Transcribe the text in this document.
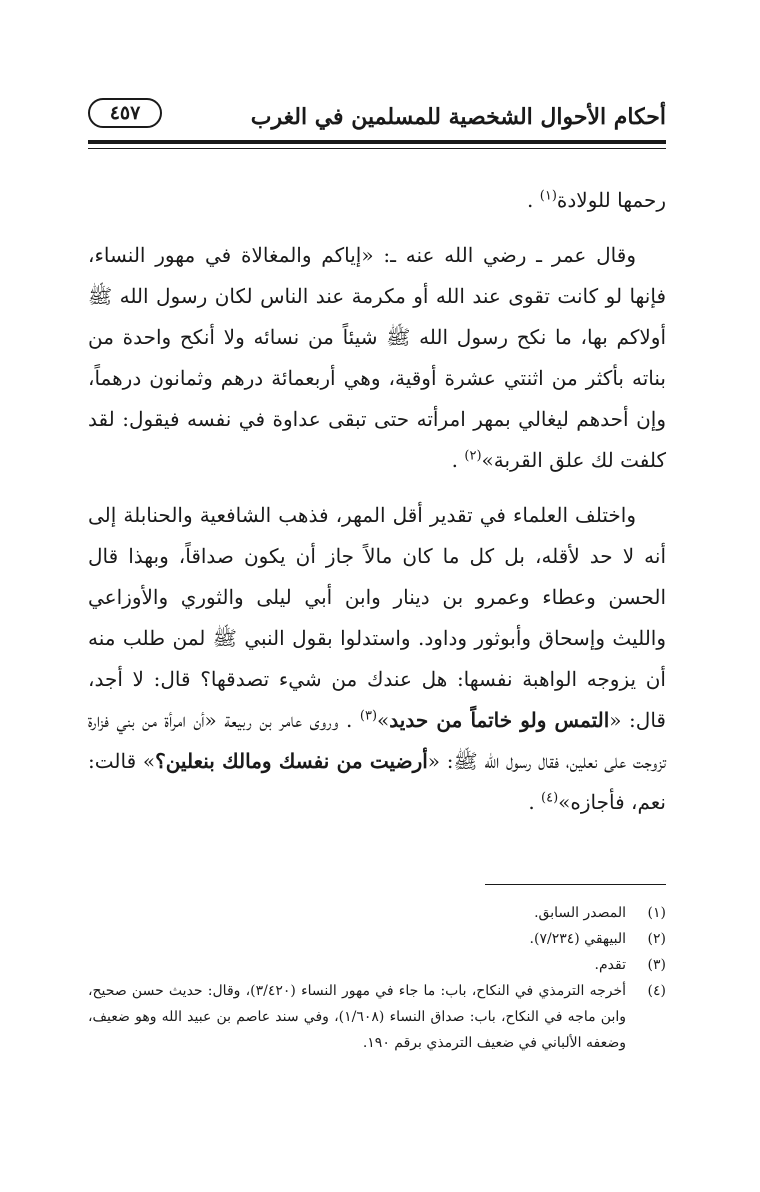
أحكام الأحوال الشخصية للمسلمين في الغرب
٤٥٧

رحمها للولادة$^{(١)}$ .

وقال عمر ـ رضي الله عنه ـ: «إياكم والمغالاة في مهور النساء، فإنها لو كانت تقوى عند الله أو مكرمة عند الناس لكان رسول الله ﷺ أولاكم بها، ما نكح رسول الله ﷺ شيئاً من نسائه ولا أنكح واحدة من بناته بأكثر من اثنتي عشرة أوقية، وهي أربعمائة درهم وثمانون درهماً، وإن أحدهم ليغالي بمهر امرأته حتى تبقى عداوة في نفسه فيقول: لقد كلفت لك علق القربة»$^{(٢)}$ .

واختلف العلماء في تقدير أقل المهر، فذهب الشافعية والحنابلة إلى أنه لا حد لأقله، بل كل ما كان مالاً جاز أن يكون صداقاً، وبهذا قال الحسن وعطاء وعمرو بن دينار وابن أبي ليلى والثوري والأوزاعي والليث وإسحاق وأبوثور وداود. واستدلوا بقول النبي ﷺ لمن طلب منه أن يزوجه الواهبة نفسها: هل عندك من شيء تصدقها؟ قال: لا أجد، قال: «التمس ولو خاتماً من حديد»$^{(٣)}$ . وروى عامر بن ربيعة «أن امرأة من بني فزارة تزوجت على نعلين، فقال رسول الله ﷺ: «أرضيت من نفسك ومالك بنعلين؟» قالت: نعم، فأجازه»$^{(٤)}$ .

(١)
المصدر السابق.
(٢)
البيهقي (٧/٢٣٤).
(٣)
تقدم.
(٤)
أخرجه الترمذي في النكاح، باب: ما جاء في مهور النساء (٣/٤٢٠)، وقال: حديث حسن صحيح، وابن ماجه في النكاح، باب: صداق النساء (١/٦٠٨)، وفي سند عاصم بن عبيد الله وهو ضعيف، وضعفه الألباني في ضعيف الترمذي برقم ١٩٠.
